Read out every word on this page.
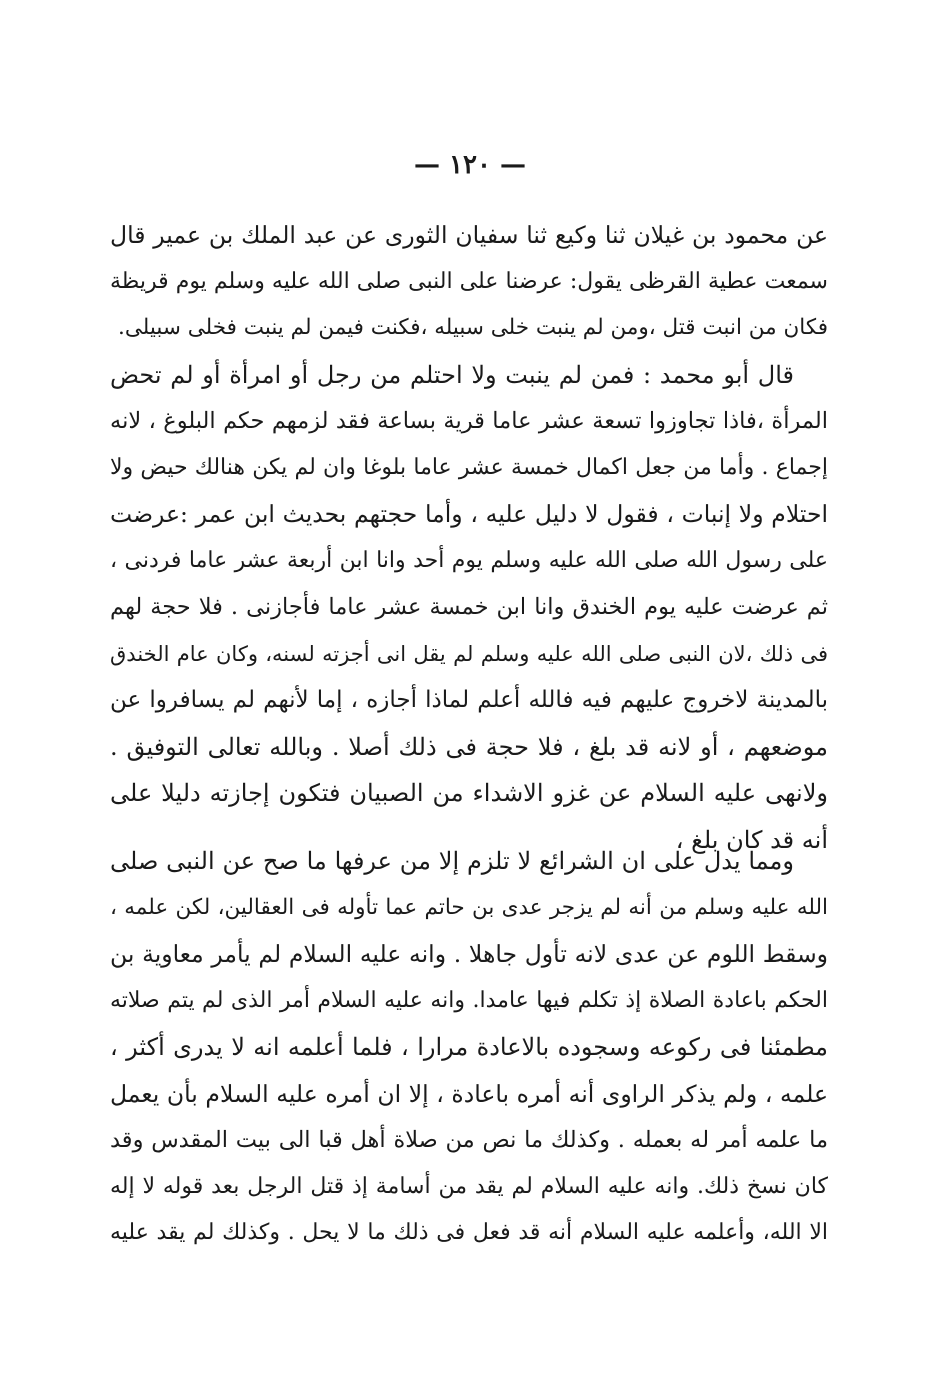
— ١٢٠ —
عن محمود بن غيلان ثنا وكيع ثنا سفيان الثورى عن عبد الملك بن عمير قال
سمعت عطية القرظى يقول: عرضنا على النبى صلى الله عليه وسلم يوم قريظة
فكان من انبت قتل ،ومن لم ينبت خلى سبيله ،فكنت فيمن لم ينبت فخلى سبيلى.
قال أبو محمد : فمن لم ينبت ولا احتلم من رجل أو امرأة أو لم تحض
المرأة ،فاذا تجاوزوا تسعة عشر عاما قرية بساعة فقد لزمهم حكم البلوغ ، لانه
إجماع . وأما من جعل اكمال خمسة عشر عاما بلوغا وان لم يكن هنالك حيض ولا
احتلام ولا إنبات ، فقول لا دليل عليه ، وأما حجتهم بحديث ابن عمر :عرضت
على رسول الله صلى الله عليه وسلم يوم أحد وانا ابن أربعة عشر عاما فردنى ،
ثم عرضت عليه يوم الخندق وانا ابن خمسة عشر عاما فأجازنى . فلا حجة لهم
فى ذلك ،لان النبى صلى الله عليه وسلم لم يقل انى أجزته لسنه، وكان عام الخندق
بالمدينة لاخروج عليهم فيه فالله أعلم لماذا أجازه ، إما لأنهم لم يسافروا عن
موضعهم ، أو لانه قد بلغ ، فلا حجة فى ذلك أصلا . وبالله تعالى التوفيق .
ولانهى عليه السلام عن غزو الاشداء من الصبيان فتكون إجازته دليلا على
أنه قد كان بلغ ،
ومما يدل على ان الشرائع لا تلزم إلا من عرفها ما صح عن النبى صلى
الله عليه وسلم من أنه لم يزجر عدى بن حاتم عما تأوله فى العقالين، لكن علمه ،
وسقط اللوم عن عدى لانه تأول جاهلا . وانه عليه السلام لم يأمر معاوية بن
الحكم باعادة الصلاة إذ تكلم فيها عامدا. وانه عليه السلام أمر الذى لم يتم صلاته
مطمئنا فى ركوعه وسجوده بالاعادة مرارا ، فلما أعلمه انه لا يدرى أكثر ،
علمه ، ولم يذكر الراوى أنه أمره باعادة ، إلا ان أمره عليه السلام بأن يعمل
ما علمه أمر له بعمله . وكذلك ما نص من صلاة أهل قبا الى بيت المقدس وقد
كان نسخ ذلك. وانه عليه السلام لم يقد من أسامة إذ قتل الرجل بعد قوله لا إله
الا الله، وأعلمه عليه السلام أنه قد فعل فى ذلك ما لا يحل . وكذلك لم يقد عليه
